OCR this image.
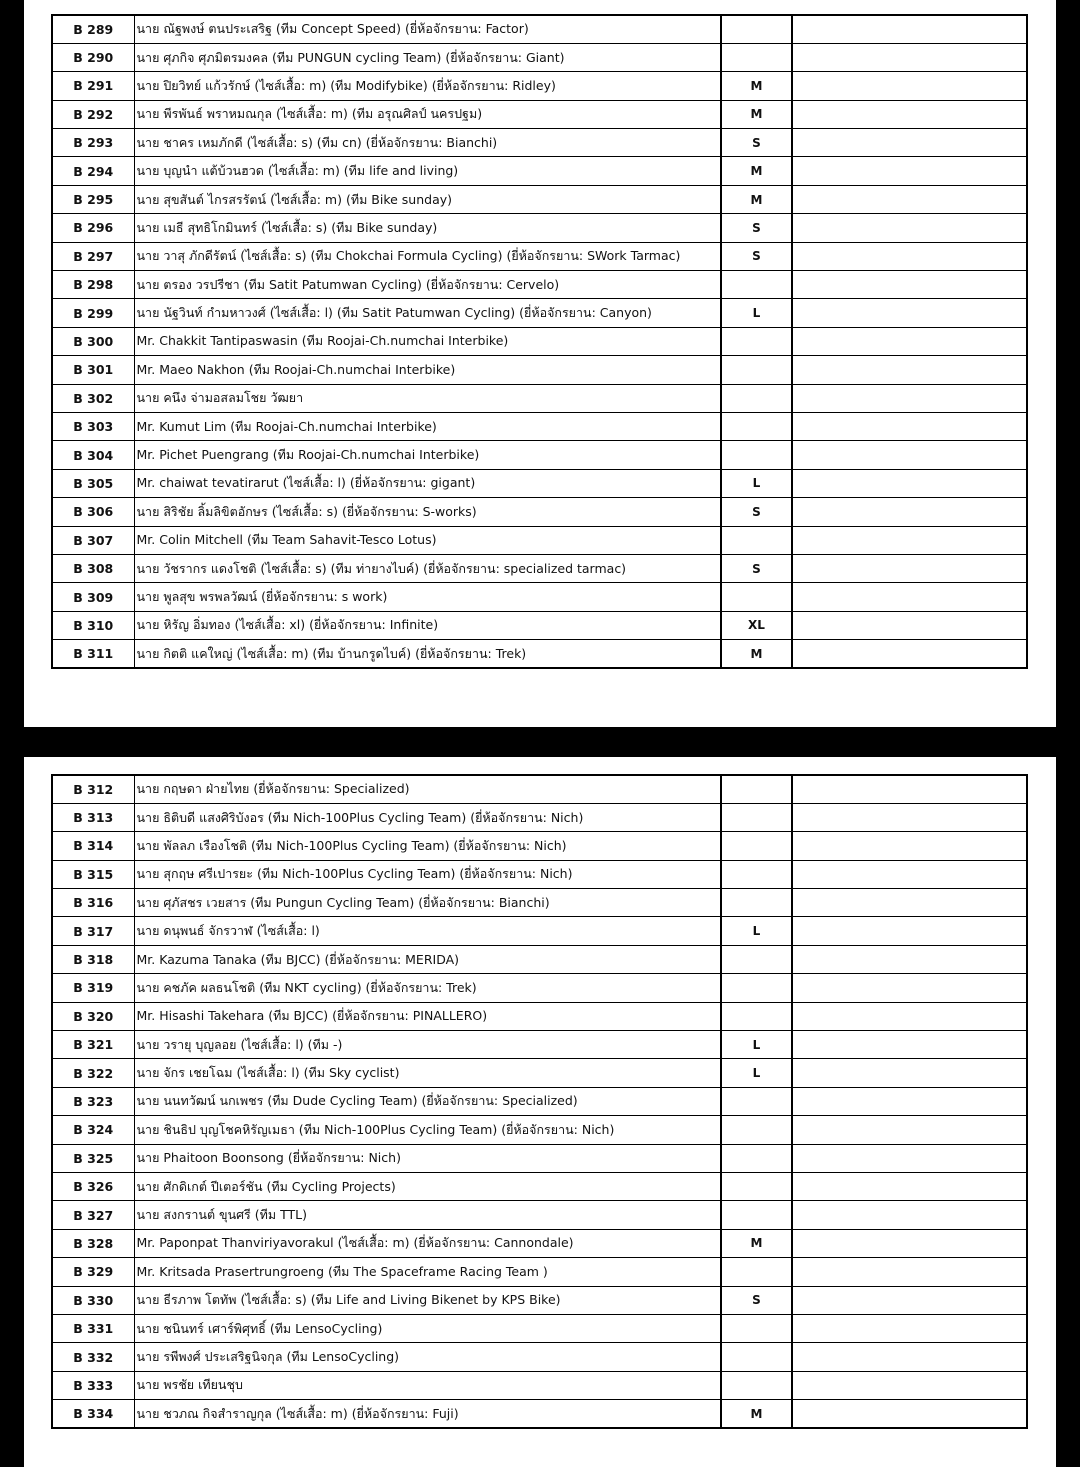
B 289	นาย ณัฐพงษ์ ตนประเสริฐ (ทีม Concept Speed) (ยี่ห้อจักรยาน: Factor)		
B 290	นาย ศุภกิจ ศุภมิตรมงคล (ทีม PUNGUN cycling Team) (ยี่ห้อจักรยาน: Giant)		
B 291	นาย ปิยวิทย์ แก้วรักษ์ (ไซส์เสื้อ: m) (ทีม Modifybike) (ยี่ห้อจักรยาน: Ridley)	M	
B 292	นาย พีรพันธ์ พราหมณกุล (ไซส์เสื้อ: m) (ทีม อรุณศิลป์ นครปฐม)	M	
B 293	นาย ชาคร เหมภักดี (ไซส์เสื้อ: s) (ทีม cn) (ยี่ห้อจักรยาน: Bianchi)	S	
B 294	นาย บุญนำ แต้บ้วนฮวด (ไซส์เสื้อ: m) (ทีม life and living)	M	
B 295	นาย สุขสันต์ ไกรสรรัตน์ (ไซส์เสื้อ: m) (ทีม Bike sunday)	M	
B 296	นาย เมธี สุทธิโกมินทร์ (ไซส์เสื้อ: s) (ทีม Bike sunday)	S	
B 297	นาย วาสุ ภักดีรัตน์ (ไซส์เสื้อ: s) (ทีม Chokchai Formula Cycling) (ยี่ห้อจักรยาน: SWork Tarmac)	S	
B 298	นาย ตรอง วรปรีชา (ทีม Satit Patumwan Cycling) (ยี่ห้อจักรยาน: Cervelo)		
B 299	นาย นัฐวินท์ กำมหาวงศ์ (ไซส์เสื้อ: l) (ทีม Satit Patumwan Cycling) (ยี่ห้อจักรยาน: Canyon)	L	
B 300	Mr. Chakkit Tantipaswasin (ทีม Roojai-Ch.numchai Interbike)		
B 301	Mr. Maeo Nakhon (ทีม Roojai-Ch.numchai Interbike)		
B 302	นาย คนึง จ่ามอสลมโชย วัฒยา		
B 303	Mr. Kumut Lim (ทีม Roojai-Ch.numchai Interbike)		
B 304	Mr. Pichet Puengrang (ทีม Roojai-Ch.numchai Interbike)		
B 305	Mr. chaiwat tevatirarut (ไซส์เสื้อ: l) (ยี่ห้อจักรยาน: gigant)	L	
B 306	นาย สิริชัย ลิ้มลิขิตอักษร (ไซส์เสื้อ: s) (ยี่ห้อจักรยาน: S-works)	S	
B 307	Mr. Colin Mitchell (ทีม Team Sahavit-Tesco Lotus)		
B 308	นาย วัชรากร แดงโชติ (ไซส์เสื้อ: s) (ทีม ท่ายางไบค์) (ยี่ห้อจักรยาน: specialized tarmac)	S	
B 309	นาย พูลสุข พรพลวัฒน์ (ยี่ห้อจักรยาน: s work)		
B 310	นาย หิรัญ อิ่มทอง (ไซส์เสื้อ: xl) (ยี่ห้อจักรยาน: Infinite)	XL	
B 311	นาย กิตติ แคใหญ่ (ไซส์เสื้อ: m) (ทีม บ้านกรูดไบค์) (ยี่ห้อจักรยาน: Trek)	M	
B 312	นาย กฤษดา ฝ่ายไทย (ยี่ห้อจักรยาน: Specialized)		
B 313	นาย ธิติบดี แสงศิริบังอร (ทีม Nich-100Plus Cycling Team) (ยี่ห้อจักรยาน: Nich)		
B 314	นาย พัลลภ เรืองโชติ (ทีม Nich-100Plus Cycling Team) (ยี่ห้อจักรยาน: Nich)		
B 315	นาย สุกฤษ ศรีเปารยะ (ทีม Nich-100Plus Cycling Team) (ยี่ห้อจักรยาน: Nich)		
B 316	นาย ศุภัสชร เวยสาร (ทีม Pungun Cycling Team) (ยี่ห้อจักรยาน: Bianchi)		
B 317	นาย ดนุพนธ์ จักรวาฬ (ไซส์เสื้อ: l)	L	
B 318	Mr. Kazuma Tanaka (ทีม BJCC) (ยี่ห้อจักรยาน: MERIDA)		
B 319	นาย คชภัค ผลธนโชติ (ทีม NKT cycling) (ยี่ห้อจักรยาน: Trek)		
B 320	Mr. Hisashi Takehara (ทีม BJCC) (ยี่ห้อจักรยาน: PINALLERO)		
B 321	นาย วรายุ บุญลอย (ไซส์เสื้อ: l) (ทีม -)	L	
B 322	นาย จักร เชยโฉม (ไซส์เสื้อ: l) (ทีม Sky cyclist)	L	
B 323	นาย นนทวัฒน์ นกเพชร (ทีม Dude Cycling Team) (ยี่ห้อจักรยาน: Specialized)		
B 324	นาย ชินธิป บุญโชคหิรัญเมธา (ทีม Nich-100Plus Cycling Team) (ยี่ห้อจักรยาน: Nich)		
B 325	นาย Phaitoon Boonsong (ยี่ห้อจักรยาน: Nich)		
B 326	นาย ศักดิเกต์ ปีเตอร์ชัน (ทีม Cycling Projects)		
B 327	นาย สงกรานต์ ขุนศรี (ทีม TTL)		
B 328	Mr. Paponpat Thanviriyavorakul (ไซส์เสื้อ: m) (ยี่ห้อจักรยาน: Cannondale)	M	
B 329	Mr. Kritsada Prasertrungroeng (ทีม The Spaceframe Racing Team )		
B 330	นาย ธีรภาพ โตทัพ (ไซส์เสื้อ: s) (ทีม Life and Living Bikenet by KPS Bike)	S	
B 331	นาย ชนินทร์ เศาร์พิศุทธิ์ (ทีม LensoCycling)		
B 332	นาย รพีพงศ์ ประเสริฐนิจกุล (ทีม LensoCycling)		
B 333	นาย พรชัย เทียนชุบ		
B 334	นาย ชวภณ กิจสำราญกุล (ไซส์เสื้อ: m) (ยี่ห้อจักรยาน: Fuji)	M	
